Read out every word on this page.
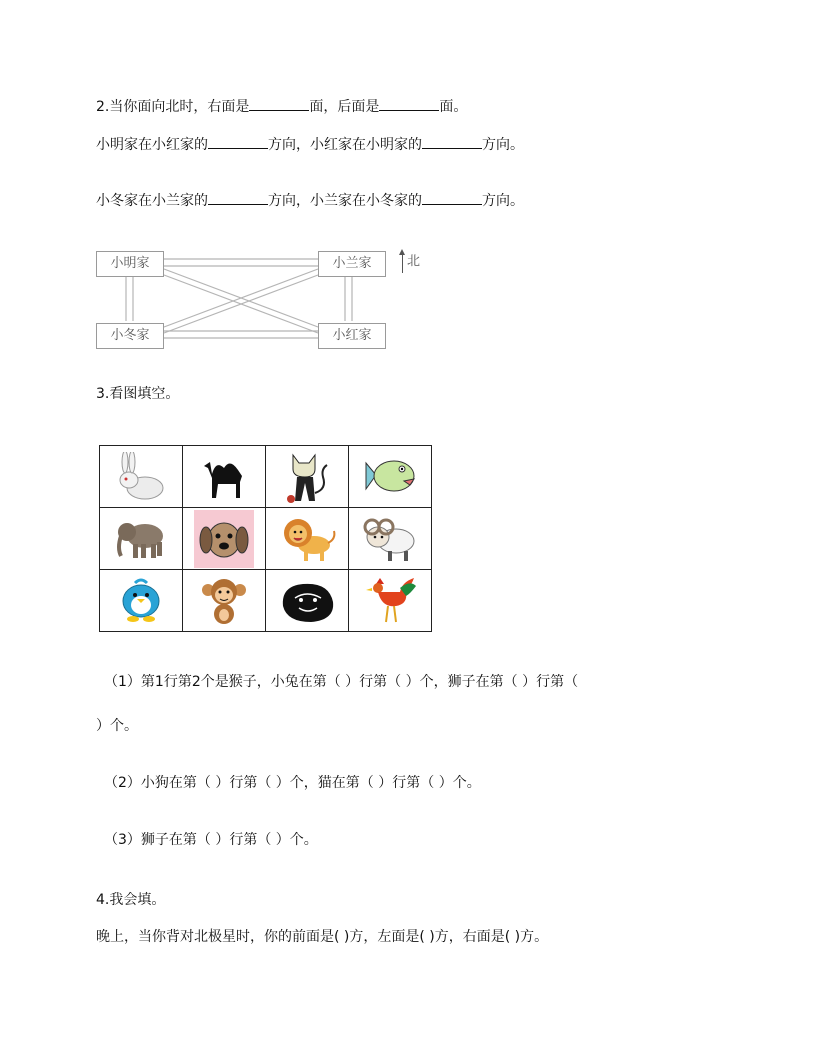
2.当你面向北时，右面是	面，后面是	面。
小明家在小红家的	方向，小红家在小明家的	方向。
小冬家在小兰家的	方向，小兰家在小冬家的	方向。
小明家	小兰家
小冬家	小红家
北
3.看图填空。

（1）第1行第2个是猴子，小兔在第（ ）行第（ ）个，狮子在第（ ）行第（
）个。
（2）小狗在第（ ）行第（ ）个，猫在第（ ）行第（ ）个。
（3）狮子在第（ ）行第（ ）个。
4.我会填。
晚上，当你背对北极星时，你的前面是( )方，左面是( )方，右面是( )方。
